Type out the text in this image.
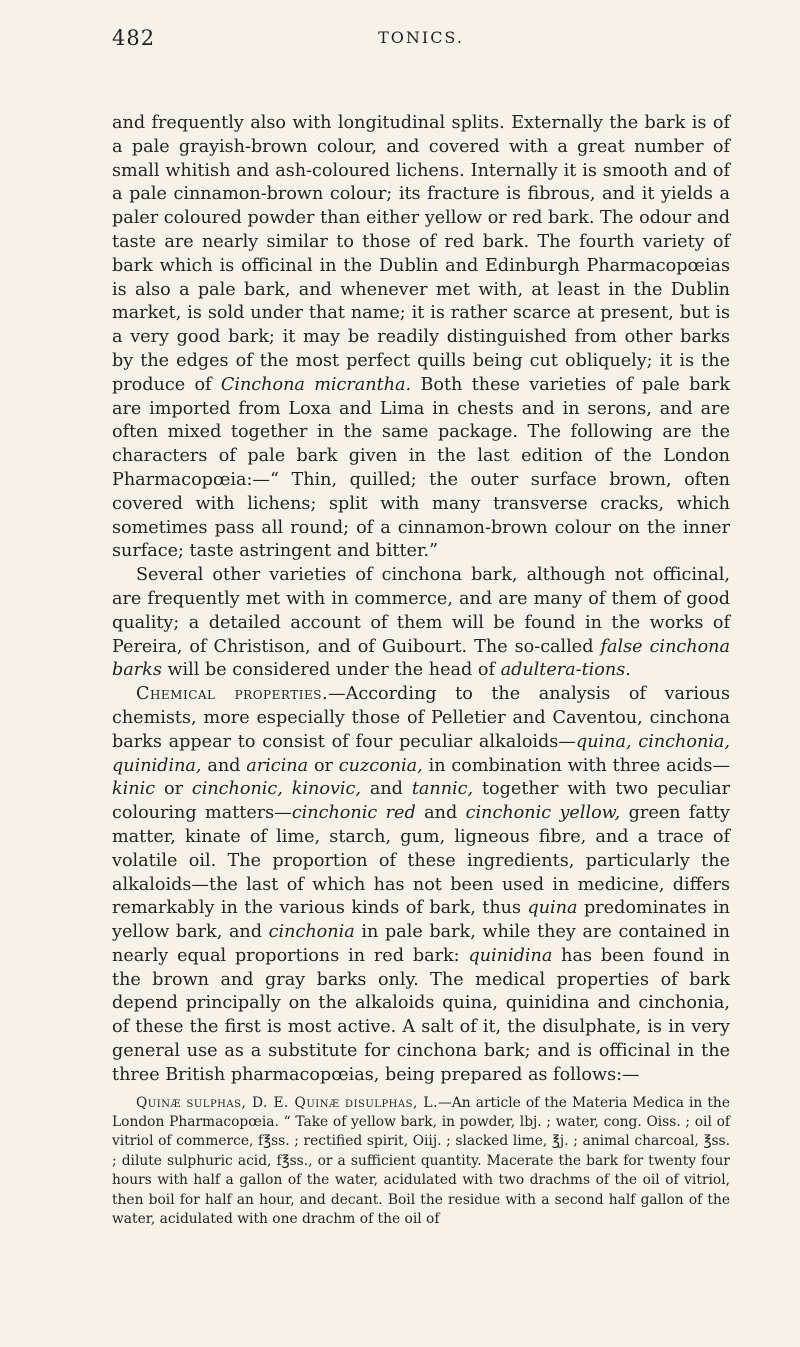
482	TONICS.

and frequently also with longitudinal splits. Externally the bark is of a pale grayish-brown colour, and covered with a great number of small whitish and ash-coloured lichens. Internally it is smooth and of a pale cinnamon-brown colour; its fracture is fibrous, and it yields a paler coloured powder than either yellow or red bark. The odour and taste are nearly similar to those of red bark. The fourth variety of bark which is officinal in the Dublin and Edinburgh Pharmacopœias is also a pale bark, and whenever met with, at least in the Dublin market, is sold under that name; it is rather scarce at present, but is a very good bark; it may be readily distinguished from other barks by the edges of the most perfect quills being cut obliquely; it is the produce of Cinchona micrantha. Both these varieties of pale bark are imported from Loxa and Lima in chests and in serons, and are often mixed together in the same package. The following are the characters of pale bark given in the last edition of the London Pharmacopœia:—“ Thin, quilled; the outer surface brown, often covered with lichens; split with many transverse cracks, which sometimes pass all round; of a cinnamon-brown colour on the inner surface; taste astringent and bitter.”

Several other varieties of cinchona bark, although not officinal, are frequently met with in commerce, and are many of them of good quality; a detailed account of them will be found in the works of Pereira, of Christison, and of Guibourt. The so-called false cinchona barks will be considered under the head of adultera-tions.

Chemical properties.—According to the analysis of various chemists, more especially those of Pelletier and Caventou, cinchona barks appear to consist of four peculiar alkaloids—quina, cinchonia, quinidina, and aricina or cuzconia, in combination with three acids—kinic or cinchonic, kinovic, and tannic, together with two peculiar colouring matters—cinchonic red and cinchonic yellow, green fatty matter, kinate of lime, starch, gum, ligneous fibre, and a trace of volatile oil. The proportion of these ingredients, particularly the alkaloids—the last of which has not been used in medicine, differs remarkably in the various kinds of bark, thus quina predominates in yellow bark, and cinchonia in pale bark, while they are contained in nearly equal proportions in red bark: quinidina has been found in the brown and gray barks only. The medical properties of bark depend principally on the alkaloids quina, quinidina and cinchonia, of these the first is most active. A salt of it, the disulphate, is in very general use as a substitute for cinchona bark; and is officinal in the three British pharmacopœias, being prepared as follows:—

Quinæ sulphas, D. E. Quinæ disulphas, L.—An article of the Materia Medica in the London Pharmacopœia. “ Take of yellow bark, in powder, lbj. ; water, cong. Oiss. ; oil of vitriol of commerce, f℥ss. ; rectified spirit, Oiij. ; slacked lime, ℥j. ; animal charcoal, ℥ss. ; dilute sulphuric acid, f℥ss., or a sufficient quantity. Macerate the bark for twenty four hours with half a gallon of the water, acidulated with two drachms of the oil of vitriol, then boil for half an hour, and decant. Boil the residue with a second half gallon of the water, acidulated with one drachm of the oil of
